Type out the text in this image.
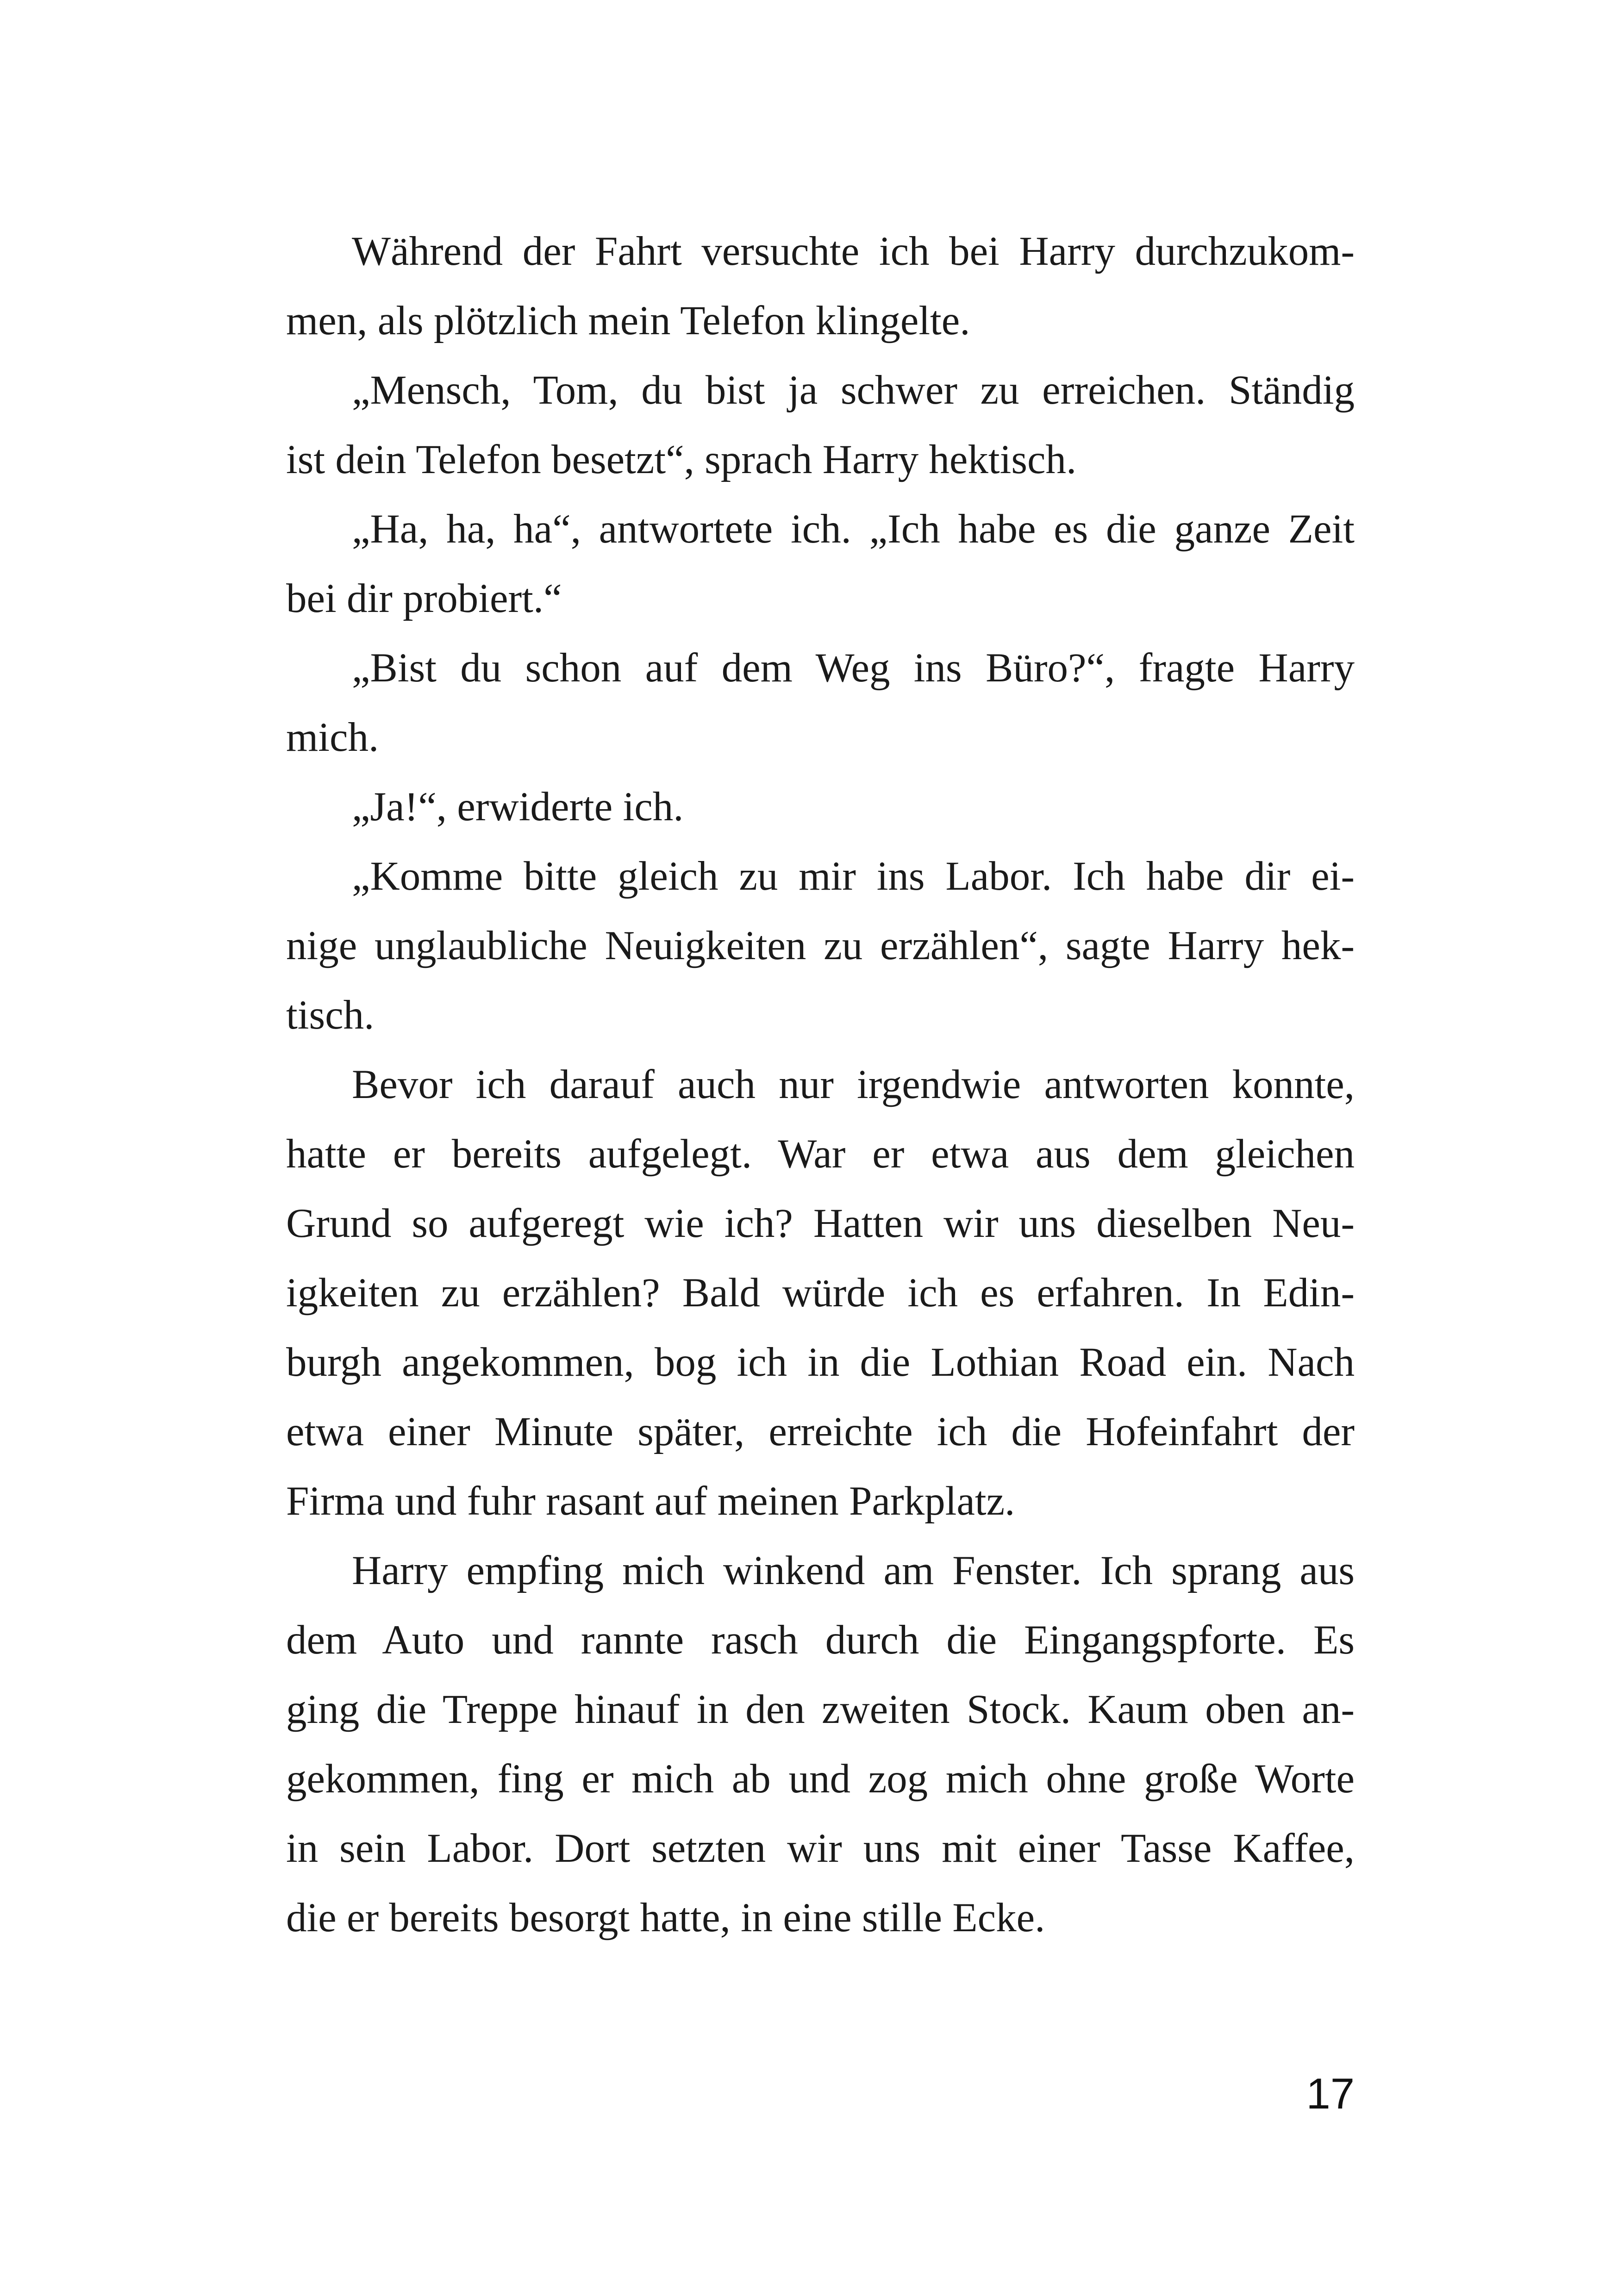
Während der Fahrt versuchte ich bei Harry durchzukom-
men, als plötzlich mein Telefon klingelte.

„Mensch, Tom, du bist ja schwer zu erreichen. Ständig
ist dein Telefon besetzt“, sprach Harry hektisch.

„Ha, ha, ha“, antwortete ich. „Ich habe es die ganze Zeit
bei dir probiert.“

„Bist du schon auf dem Weg ins Büro?“, fragte Harry
mich.

„Ja!“, erwiderte ich.

„Komme bitte gleich zu mir ins Labor. Ich habe dir ei-
nige unglaubliche Neuigkeiten zu erzählen“, sagte Harry hek-
tisch.

Bevor ich darauf auch nur irgendwie antworten konnte,
hatte er bereits aufgelegt. War er etwa aus dem gleichen
Grund so aufgeregt wie ich? Hatten wir uns dieselben Neu-
igkeiten zu erzählen? Bald würde ich es erfahren. In Edin-
burgh angekommen, bog ich in die Lothian Road ein. Nach
etwa einer Minute später, erreichte ich die Hofeinfahrt der
Firma und fuhr rasant auf meinen Parkplatz.

Harry empfing mich winkend am Fenster. Ich sprang aus
dem Auto und rannte rasch durch die Eingangspforte. Es
ging die Treppe hinauf in den zweiten Stock. Kaum oben an-
gekommen, fing er mich ab und zog mich ohne große Worte
in sein Labor. Dort setzten wir uns mit einer Tasse Kaffee,
die er bereits besorgt hatte, in eine stille Ecke.

17
